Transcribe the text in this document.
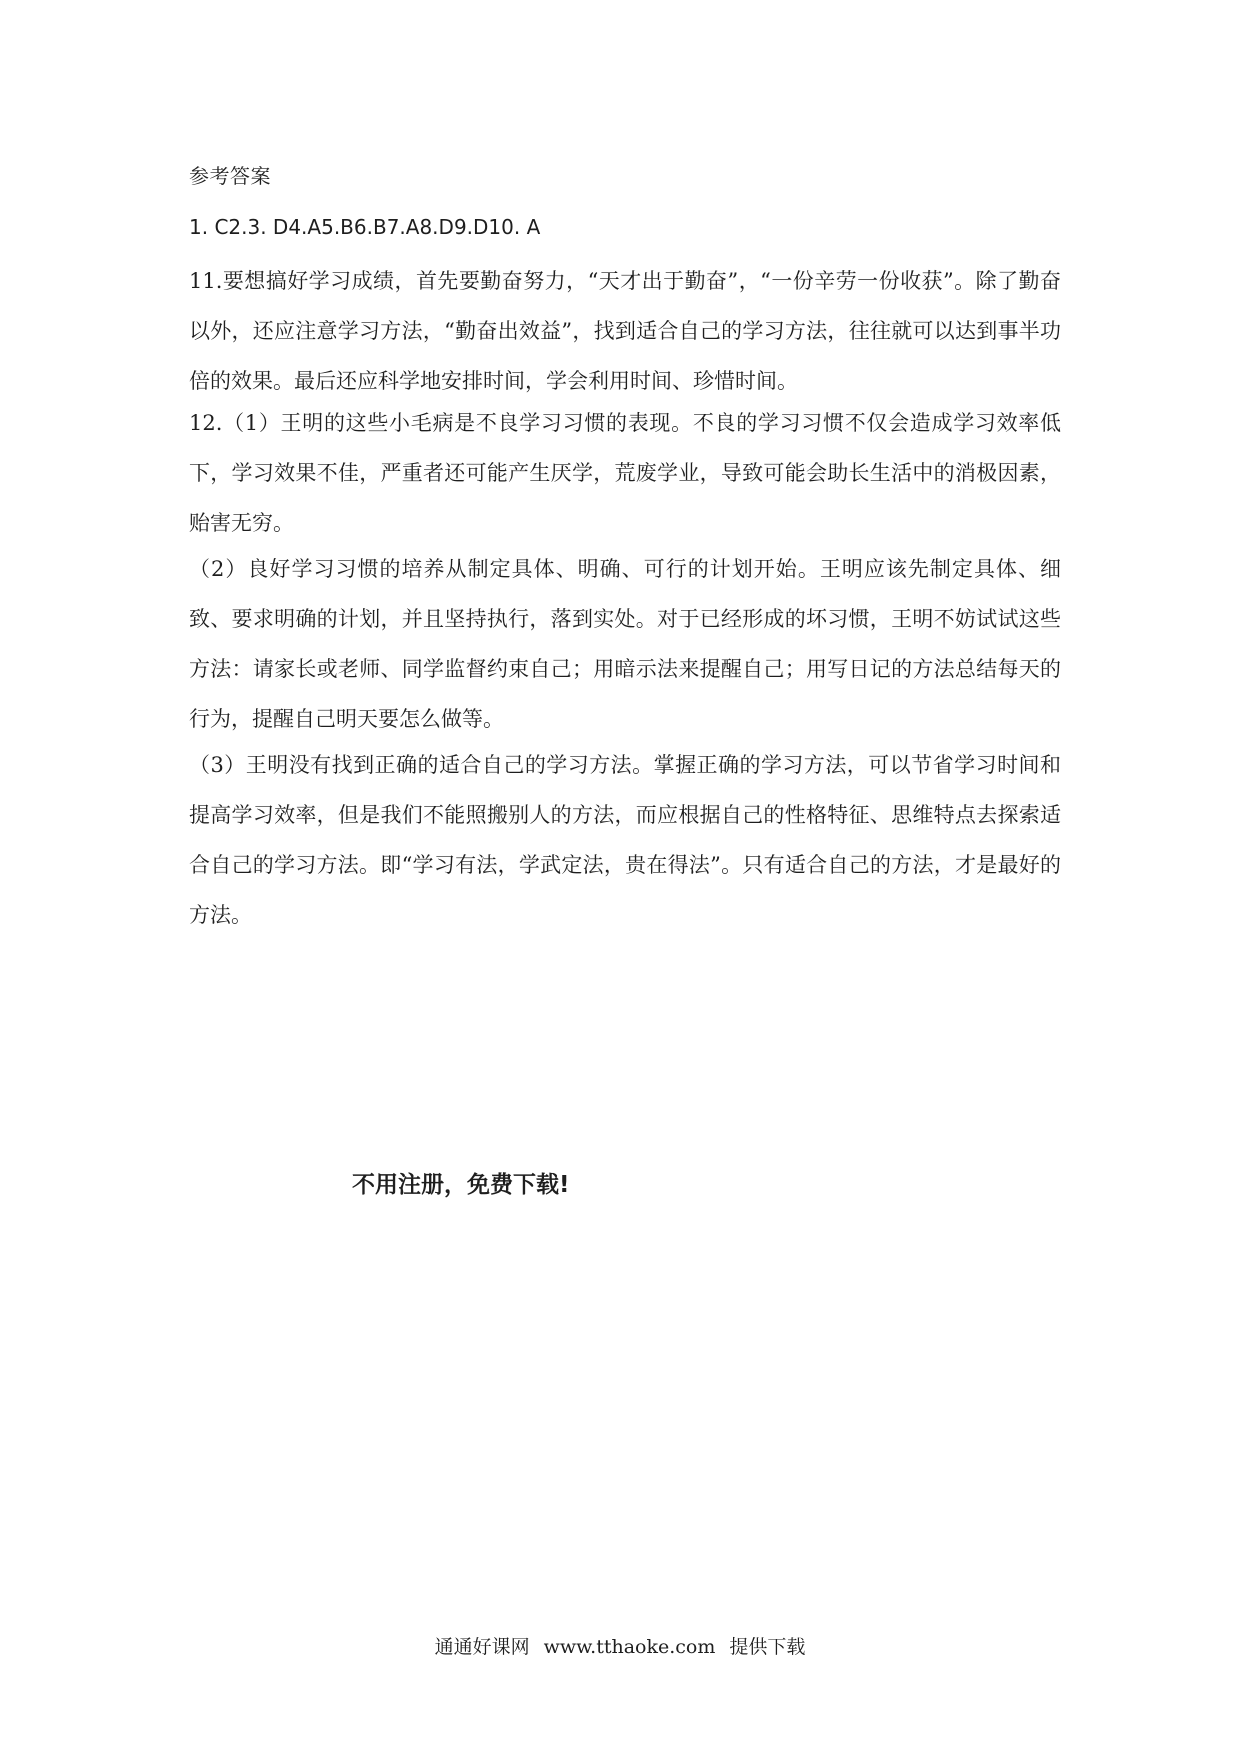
参考答案
1. C2.3. D4.A5.B6.B7.A8.D9.D10. A

11.要想搞好学习成绩，首先要勤奋努力，“天才出于勤奋”，“一份辛劳一份收获”。除了勤奋以外，还应注意学习方法，“勤奋出效益”，找到适合自己的学习方法，往往就可以达到事半功倍的效果。最后还应科学地安排时间，学会利用时间、珍惜时间。

12.（1）王明的这些小毛病是不良学习习惯的表现。不良的学习习惯不仅会造成学习效率低下，学习效果不佳，严重者还可能产生厌学，荒废学业，导致可能会助长生活中的消极因素，贻害无穷。

（2）良好学习习惯的培养从制定具体、明确、可行的计划开始。王明应该先制定具体、细致、要求明确的计划，并且坚持执行，落到实处。对于已经形成的坏习惯，王明不妨试试这些方法：请家长或老师、同学监督约束自己；用暗示法来提醒自己；用写日记的方法总结每天的行为，提醒自己明天要怎么做等。

（3）王明没有找到正确的适合自己的学习方法。掌握正确的学习方法，可以节省学习时间和提高学习效率，但是我们不能照搬别人的方法，而应根据自己的性格特征、思维特点去探索适合自己的学习方法。即“学习有法，学武定法，贵在得法”。只有适合自己的方法，才是最好的方法。

不用注册，免费下载!
通通好课网 www.tthaoke.com 提供下载
